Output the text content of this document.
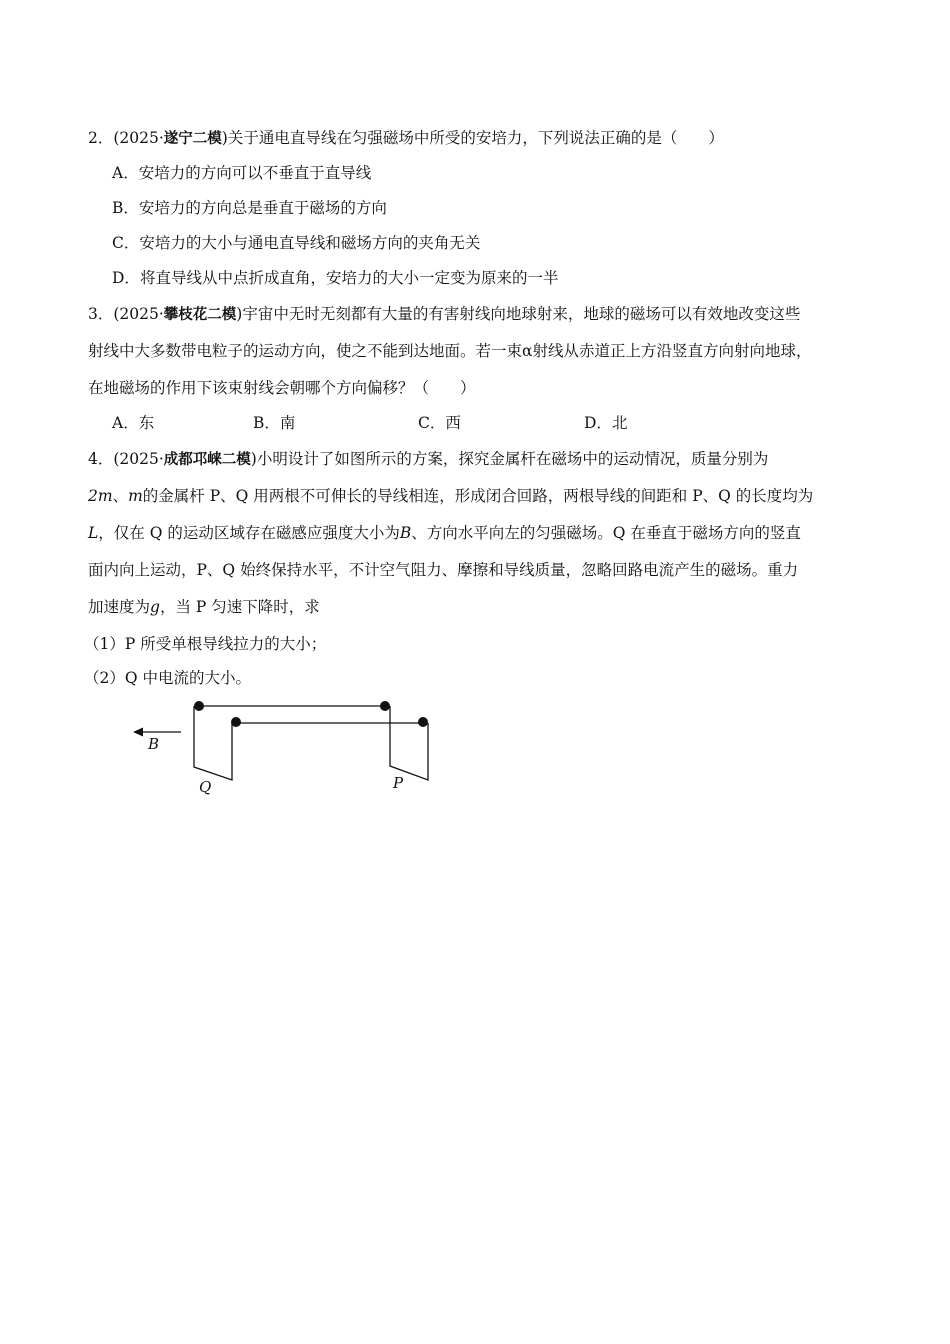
2．(2025·遂宁二模)关于通电直导线在匀强磁场中所受的安培力，下列说法正确的是（　　）
A．安培力的方向可以不垂直于直导线
B．安培力的方向总是垂直于磁场的方向
C．安培力的大小与通电直导线和磁场方向的夹角无关
D．将直导线从中点折成直角，安培力的大小一定变为原来的一半
3．(2025·攀枝花二模)宇宙中无时无刻都有大量的有害射线向地球射来，地球的磁场可以有效地改变这些
射线中大多数带电粒子的运动方向，使之不能到达地面。若一束α射线从赤道正上方沿竖直方向射向地球，
在地磁场的作用下该束射线会朝哪个方向偏移？（　　）
A．东	B．南	C．西	D．北
4．(2025·成都邛崃二模)小明设计了如图所示的方案，探究金属杆在磁场中的运动情况，质量分别为
2m、m的金属杆 P、Q 用两根不可伸长的导线相连，形成闭合回路，两根导线的间距和 P、Q 的长度均为
L，仅在 Q 的运动区域存在磁感应强度大小为B、方向水平向左的匀强磁场。Q 在垂直于磁场方向的竖直
面内向上运动，P、Q 始终保持水平，不计空气阻力、摩擦和导线质量，忽略回路电流产生的磁场。重力
加速度为g，当 P 匀速下降时，求
（1）P 所受单根导线拉力的大小；
（2）Q 中电流的大小。
B
Q	P
